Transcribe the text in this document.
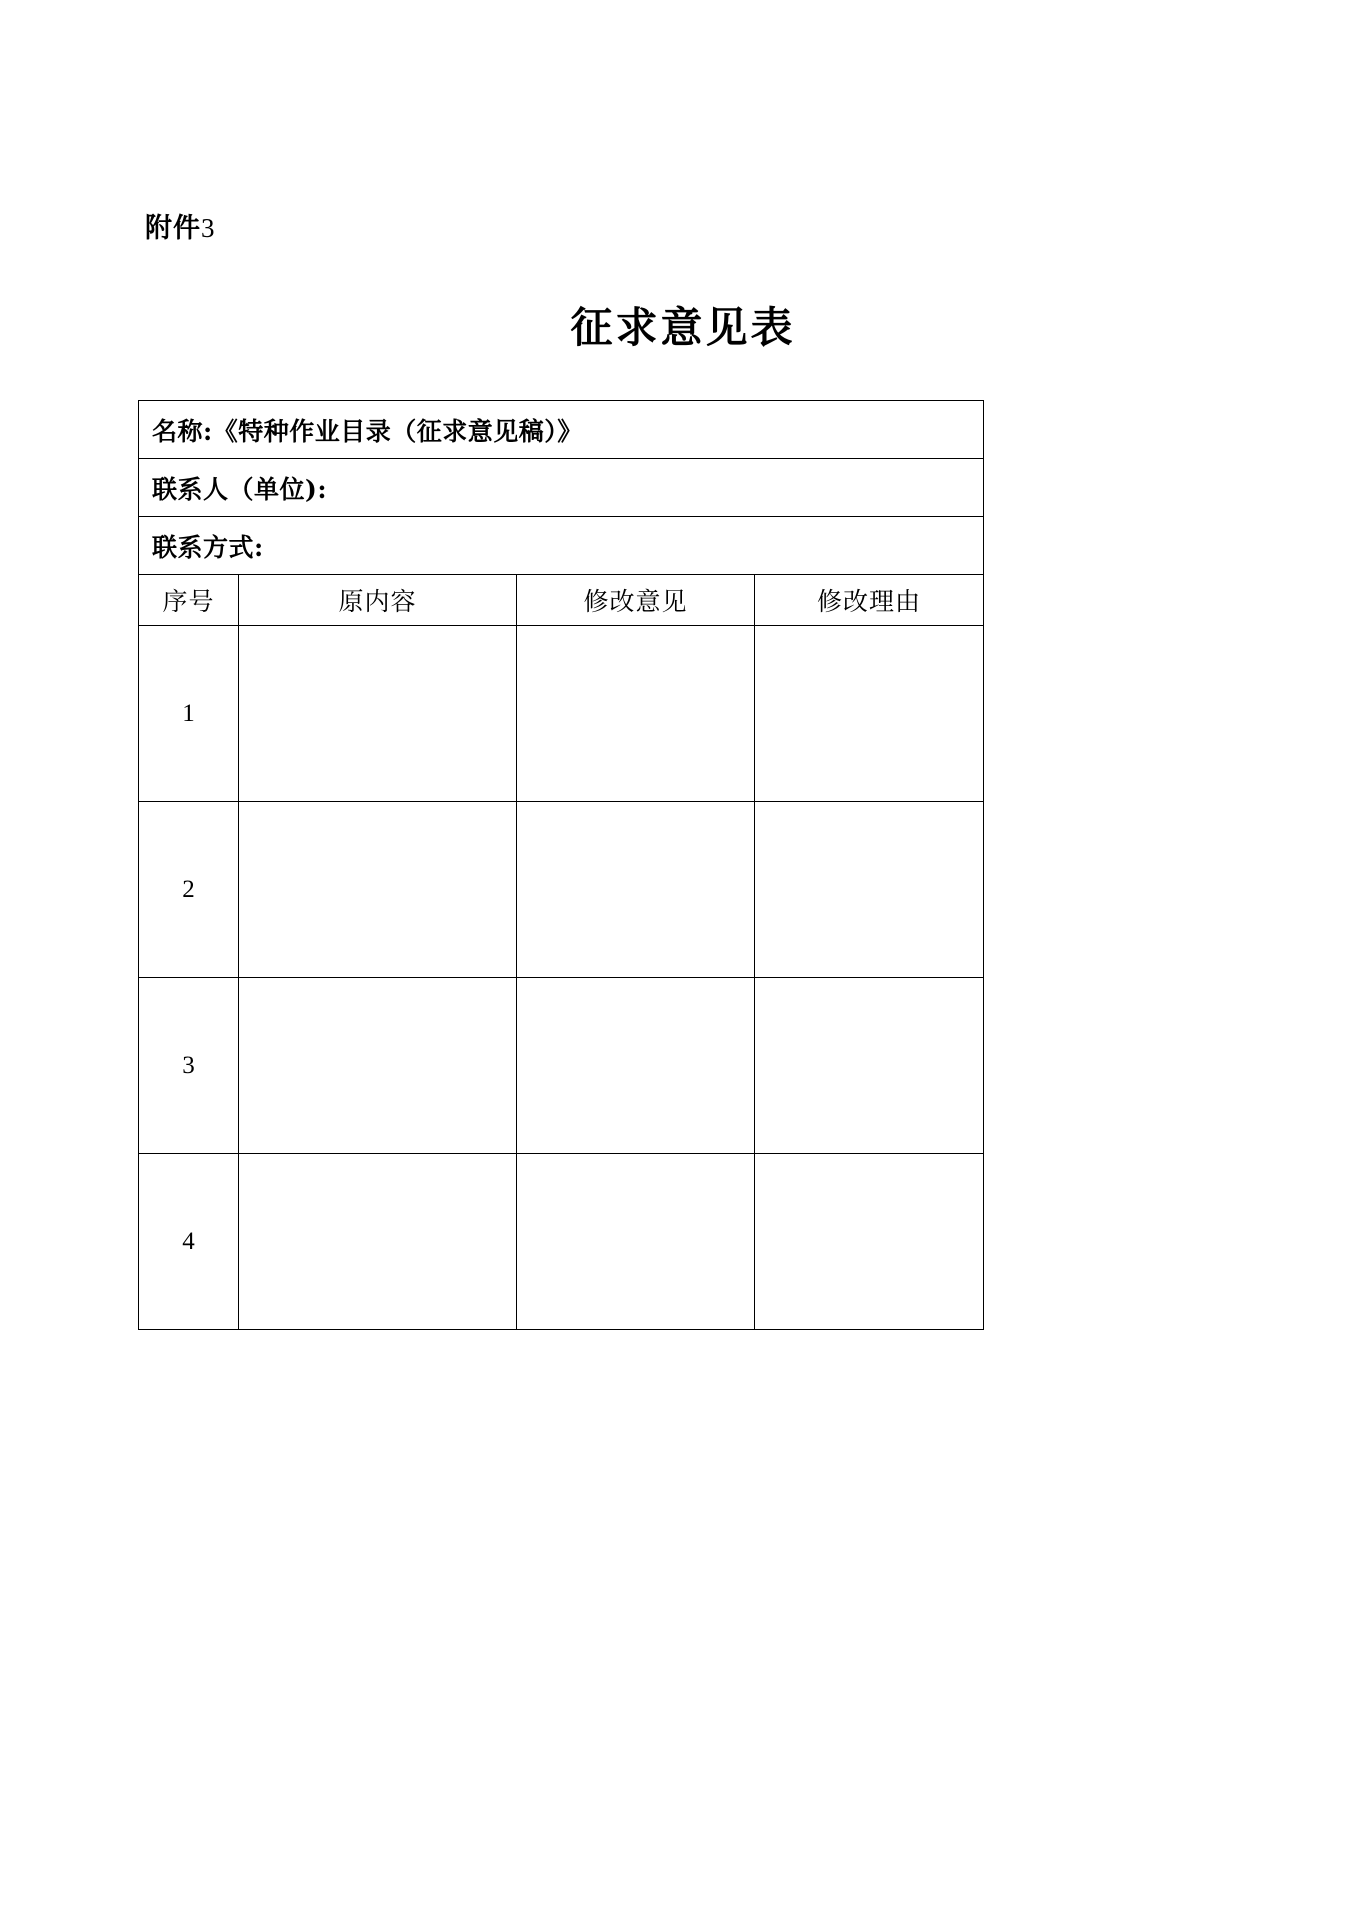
附件3
征求意见表
名称:《特种作业目录（征求意见稿）》			
联系人（单位):			
联系方式:			
序号	原内容	修改意见	修改理由
1			
2			
3			
4			
